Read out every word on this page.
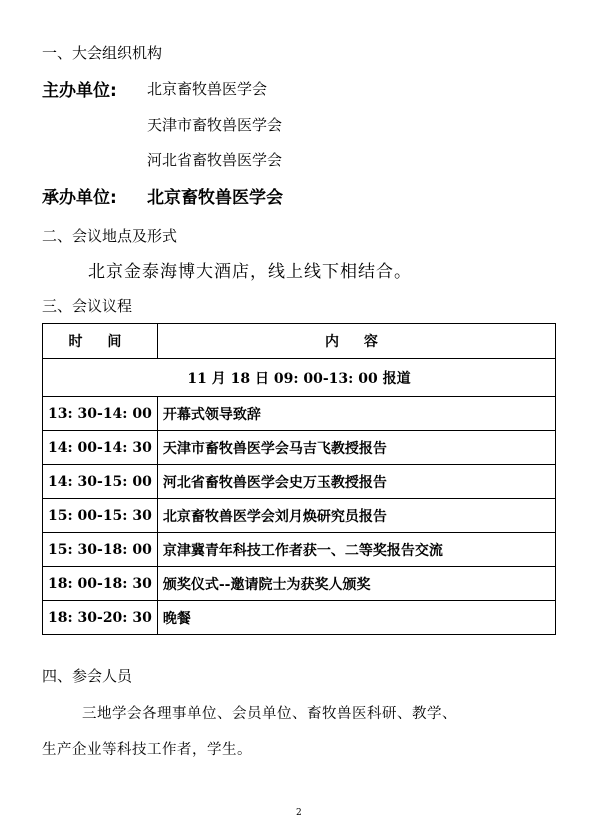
一、大会组织机构
主办单位: 北京畜牧兽医学会
天津市畜牧兽医学会
河北省畜牧兽医学会
承办单位: 北京畜牧兽医学会
二、会议地点及形式
北京金泰海博大酒店，线上线下相结合。
三、会议议程
时 间	内 容
11 月 18 日 09: 00-13: 00 报道	
13: 30-14: 00	开幕式领导致辞
14: 00-14: 30	天津市畜牧兽医学会马吉飞教授报告
14: 30-15: 00	河北省畜牧兽医学会史万玉教授报告
15: 00-15: 30	北京畜牧兽医学会刘月焕研究员报告
15: 30-18: 00	京津冀青年科技工作者获一、二等奖报告交流
18: 00-18: 30	颁奖仪式--邀请院士为获奖人颁奖
18: 30-20: 30	晚餐
四、参会人员
三地学会各理事单位、会员单位、畜牧兽医科研、教学、
生产企业等科技工作者，学生。
2
